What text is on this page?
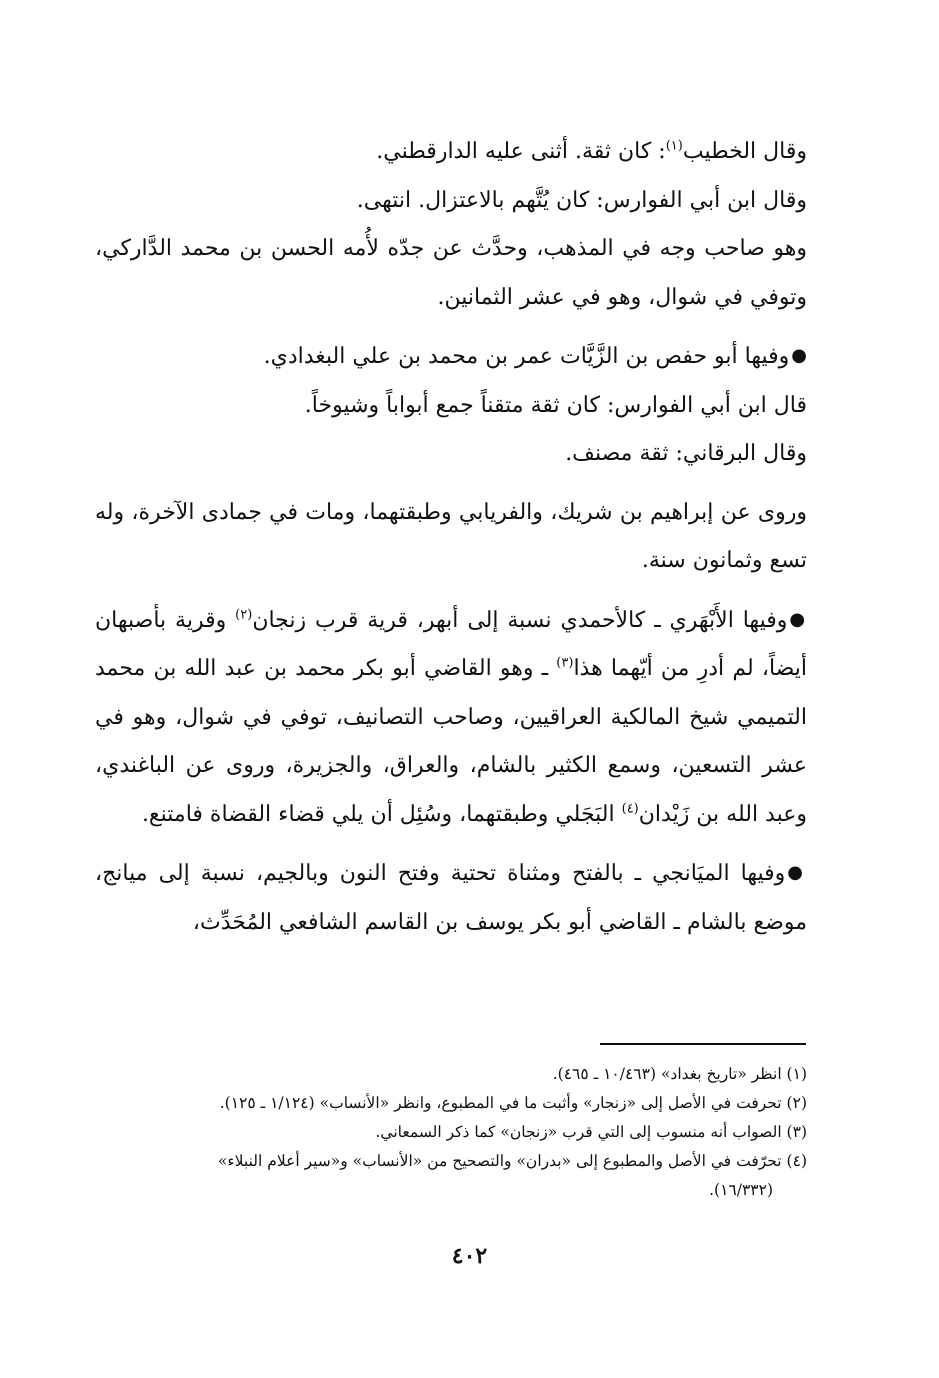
وقال الخطيب$^{(١)}$: كان ثقة. أثنى عليه الدارقطني.

وقال ابن أبي الفوارس: كان يُتَّهم بالاعتزال. انتهى.

وهو صاحب وجه في المذهب، وحدَّث عن جدّه لأُمه الحسن بن محمد الدَّاركي، وتوفي في شوال، وهو في عشر الثمانين.

●وفيها أبو حفص بن الزَّيَّات عمر بن محمد بن علي البغدادي.

قال ابن أبي الفوارس: كان ثقة متقناً جمع أبواباً وشيوخاً.

وقال البرقاني: ثقة مصنف.

وروى عن إبراهيم بن شريك، والفريابي وطبقتهما، ومات في جمادى الآخرة، وله تسع وثمانون سنة.

●وفيها الأَبْهَري ـ كالأحمدي نسبة إلى أبهر، قرية قرب زنجان$^{(٢)}$ وقرية بأصبهان أيضاً، لم أدرِ من أيّهما هذا$^{(٣)}$ ـ وهو القاضي أبو بكر محمد بن عبد الله بن محمد التميمي شيخ المالكية العراقيين، وصاحب التصانيف، توفي في شوال، وهو في عشر التسعين، وسمع الكثير بالشام، والعراق، والجزيرة، وروى عن الباغندي، وعبد الله بن زَيْدان$^{(٤)}$ البَجَلي وطبقتهما، وسُئِل أن يلي قضاء القضاة فامتنع.

●وفيها الميَانجي ـ بالفتح ومثناة تحتية وفتح النون وبالجيم، نسبة إلى ميانج، موضع بالشام ـ القاضي أبو بكر يوسف بن القاسم الشافعي المُحَدِّث،

(١) انظر «تاريخ بغداد» (١٠/٤٦٣ ـ ٤٦٥).

(٢) تحرفت في الأصل إلى «زنجار» وأثبت ما في المطبوع، وانظر «الأنساب» (١/١٢٤ ـ ١٢٥).

(٣) الصواب أنه منسوب إلى التي قرب «زنجان» كما ذكر السمعاني.

(٤) تحرّفت في الأصل والمطبوع إلى «بدران» والتصحيح من «الأنساب» و«سير أعلام النبلاء»

(١٦/٣٣٢).

٤٠٢
